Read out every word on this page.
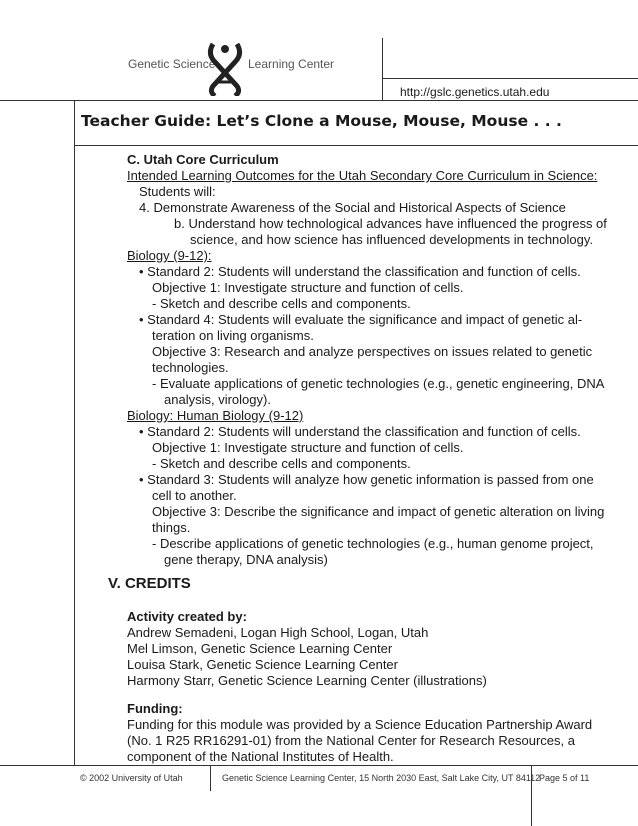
Genetic Science	Learning Center
http://gslc.genetics.utah.edu
Teacher Guide: Let’s Clone a Mouse, Mouse, Mouse . . .
C. Utah Core Curriculum
Intended Learning Outcomes for the Utah Secondary Core Curriculum in Science:
Students will:
4. Demonstrate Awareness of the Social and Historical Aspects of Science
b. Understand how technological advances have influenced the progress of
science, and how science has influenced developments in technology.
Biology (9-12):
• Standard 2: Students will understand the classification and function of cells.
Objective 1: Investigate structure and function of cells.
- Sketch and describe cells and components.
• Standard 4: Students will evaluate the significance and impact of genetic al-
teration on living organisms.
Objective 3: Research and analyze perspectives on issues related to genetic
technologies.
- Evaluate applications of genetic technologies (e.g., genetic engineering, DNA
analysis, virology).
Biology: Human Biology (9-12)
• Standard 2: Students will understand the classification and function of cells.
Objective 1: Investigate structure and function of cells.
- Sketch and describe cells and components.
• Standard 3: Students will analyze how genetic information is passed from one
cell to another.
Objective 3: Describe the significance and impact of genetic alteration on living
things.
- Describe applications of genetic technologies (e.g., human genome project,
gene therapy, DNA analysis)
V. CREDITS
Activity created by:
Andrew Semadeni, Logan High School, Logan, Utah
Mel Limson, Genetic Science Learning Center
Louisa Stark, Genetic Science Learning Center
Harmony Starr, Genetic Science Learning Center (illustrations)
Funding:
Funding for this module was provided by a Science Education Partnership Award
(No. 1 R25 RR16291-01) from the National Center for Research Resources, a
component of the National Institutes of Health.
© 2002 University of Utah	Genetic Science Learning Center, 15 North 2030 East, Salt Lake City, UT 84112
Page 5 of 11
